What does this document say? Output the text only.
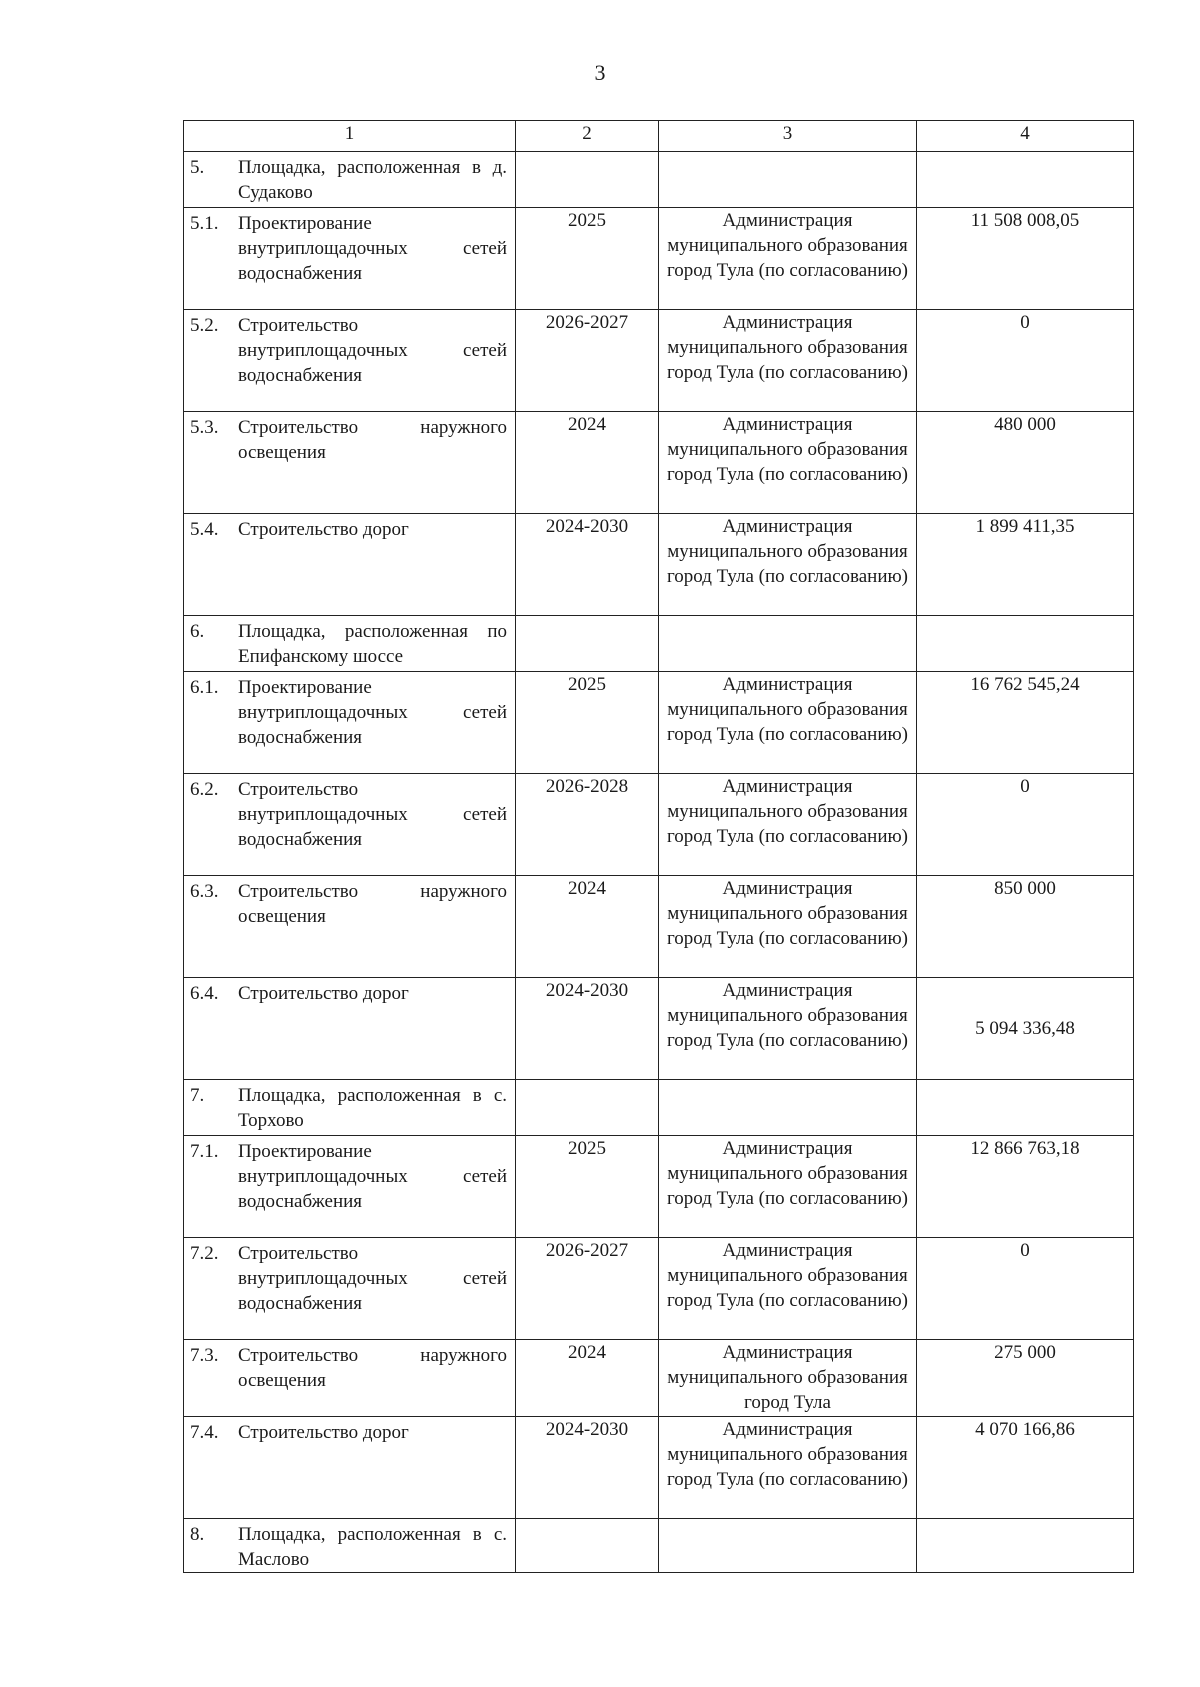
3
1	2	3	4

5. Площадка, расположенная в д. Судаково			

5.1. Проектирование внутриплощадочных сетей водоснабжения	2025	Администрация муниципального образования город Тула (по согласованию)	11 508 008,05

5.2. Строительство внутриплощадочных сетей водоснабжения	2026-2027	Администрация муниципального образования город Тула (по согласованию)	0

5.3. Строительство наружного освещения	2024	Администрация муниципального образования город Тула (по согласованию)	480 000

5.4. Строительство дорог	2024-2030	Администрация муниципального образования город Тула (по согласованию)	1 899 411,35

6. Площадка, расположенная по Епифанскому шоссе			

6.1. Проектирование внутриплощадочных сетей водоснабжения	2025	Администрация муниципального образования город Тула (по согласованию)	16 762 545,24

6.2. Строительство внутриплощадочных сетей водоснабжения	2026-2028	Администрация муниципального образования город Тула (по согласованию)	0

6.3. Строительство наружного освещения	2024	Администрация муниципального образования город Тула (по согласованию)	850 000

6.4. Строительство дорог	2024-2030	Администрация муниципального образования город Тула (по согласованию)	5 094 336,48

7. Площадка, расположенная в с. Торхово			

7.1. Проектирование внутриплощадочных сетей водоснабжения	2025	Администрация муниципального образования город Тула (по согласованию)	12 866 763,18

7.2. Строительство внутриплощадочных сетей водоснабжения	2026-2027	Администрация муниципального образования город Тула (по согласованию)	0

7.3. Строительство наружного освещения	2024	Администрация муниципального образования город Тула	275 000

7.4. Строительство дорог	2024-2030	Администрация муниципального образования город Тула (по согласованию)	4 070 166,86

8. Площадка, расположенная в с. Маслово			
